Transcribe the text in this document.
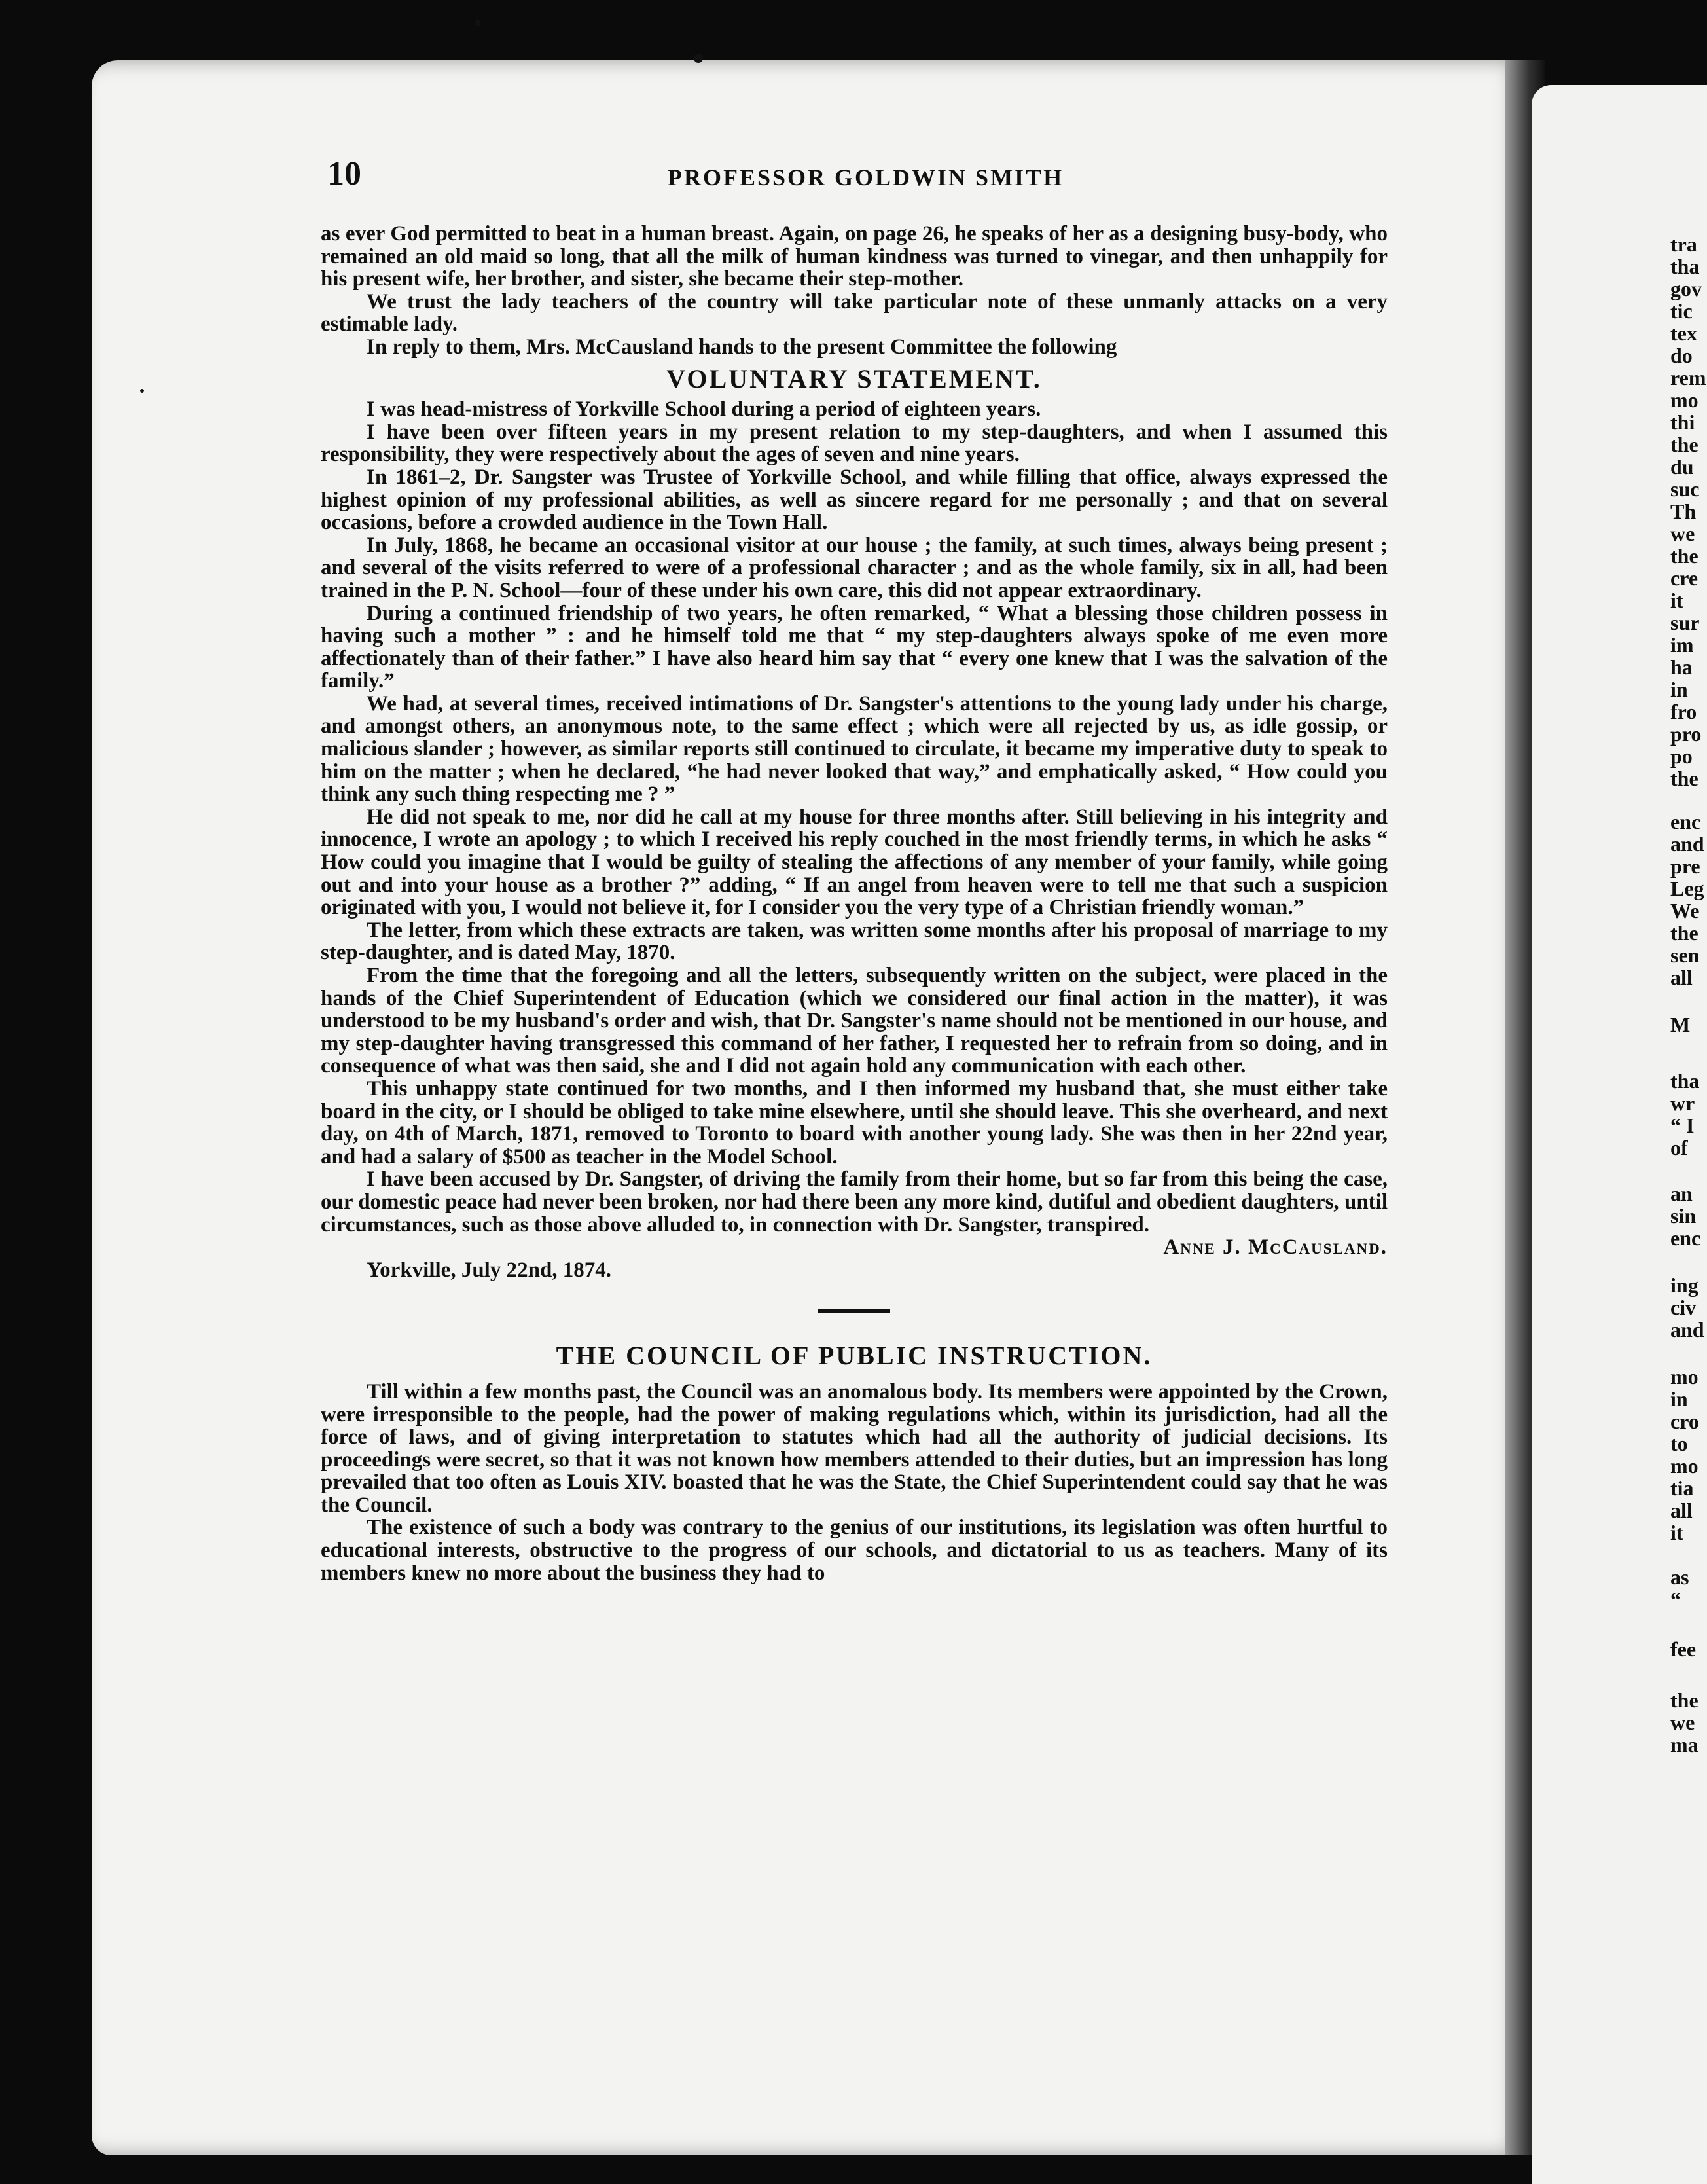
10	PROFESSOR GOLDWIN SMITH

as ever God permitted to beat in a human breast. Again, on page 26, he speaks of her as a designing busy-body, who remained an old maid so long, that all the milk of human kindness was turned to vinegar, and then unhappily for his present wife, her brother, and sister, she became their step-mother.

We trust the lady teachers of the country will take particular note of these unmanly attacks on a very estimable lady.

In reply to them, Mrs. McCausland hands to the present Committee the following

VOLUNTARY STATEMENT.

I was head-mistress of Yorkville School during a period of eighteen years.

I have been over fifteen years in my present relation to my step-daughters, and when I assumed this responsibility, they were respectively about the ages of seven and nine years.

In 1861–2, Dr. Sangster was Trustee of Yorkville School, and while filling that office, always expressed the highest opinion of my professional abilities, as well as sincere regard for me personally ; and that on several occasions, before a crowded audience in the Town Hall.

In July, 1868, he became an occasional visitor at our house ; the family, at such times, always being present ; and several of the visits referred to were of a professional character ; and as the whole family, six in all, had been trained in the P. N. School—four of these under his own care, this did not appear extraordinary.

During a continued friendship of two years, he often remarked, “ What a blessing those children possess in having such a mother ” : and he himself told me that “ my step-daughters always spoke of me even more affectionately than of their father.” I have also heard him say that “ every one knew that I was the salvation of the family.”

We had, at several times, received intimations of Dr. Sangster's attentions to the young lady under his charge, and amongst others, an anonymous note, to the same effect ; which were all rejected by us, as idle gossip, or malicious slander ; however, as similar reports still continued to circulate, it became my imperative duty to speak to him on the matter ; when he declared, “he had never looked that way,” and emphatically asked, “ How could you think any such thing respecting me ? ”

He did not speak to me, nor did he call at my house for three months after. Still believing in his integrity and innocence, I wrote an apology ; to which I received his reply couched in the most friendly terms, in which he asks “ How could you imagine that I would be guilty of stealing the affections of any member of your family, while going out and into your house as a brother ?” adding, “ If an angel from heaven were to tell me that such a suspicion originated with you, I would not believe it, for I consider you the very type of a Christian friendly woman.”

The letter, from which these extracts are taken, was written some months after his proposal of marriage to my step-daughter, and is dated May, 1870.

From the time that the foregoing and all the letters, subsequently written on the subject, were placed in the hands of the Chief Superintendent of Education (which we considered our final action in the matter), it was understood to be my husband's order and wish, that Dr. Sangster's name should not be mentioned in our house, and my step-daughter having transgressed this command of her father, I requested her to refrain from so doing, and in consequence of what was then said, she and I did not again hold any communication with each other.

This unhappy state continued for two months, and I then informed my husband that, she must either take board in the city, or I should be obliged to take mine elsewhere, until she should leave. This she overheard, and next day, on 4th of March, 1871, removed to Toronto to board with another young lady. She was then in her 22nd year, and had a salary of $500 as teacher in the Model School.

I have been accused by Dr. Sangster, of driving the family from their home, but so far from this being the case, our domestic peace had never been broken, nor had there been any more kind, dutiful and obedient daughters, until circumstances, such as those above alluded to, in connection with Dr. Sangster, transpired.

Anne J. McCausland.

Yorkville, July 22nd, 1874.

THE COUNCIL OF PUBLIC INSTRUCTION.

Till within a few months past, the Council was an anomalous body. Its members were appointed by the Crown, were irresponsible to the people, had the power of making regulations which, within its jurisdiction, had all the force of laws, and of giving interpretation to statutes which had all the authority of judicial decisions. Its proceedings were secret, so that it was not known how members attended to their duties, but an impression has long prevailed that too often as Louis XIV. boasted that he was the State, the Chief Superintendent could say that he was the Council.

The existence of such a body was contrary to the genius of our institutions, its legislation was often hurtful to educational interests, obstructive to the progress of our schools, and dictatorial to us as teachers. Many of its members knew no more about the business they had to

tra
tha
gov
tic
tex
do
rem
mo
thi
the
du
suc
Th
we
the
cre
it
sur
im
ha
in
fro
pro
po
the
enc
and
pre
Leg
We
the
sen
all
M
tha
wr
“ I
of
an
sin
enc
ing
civ
and
mo
in
cro
to
mo
tia
all
it
as
“
fee
the
we
ma
